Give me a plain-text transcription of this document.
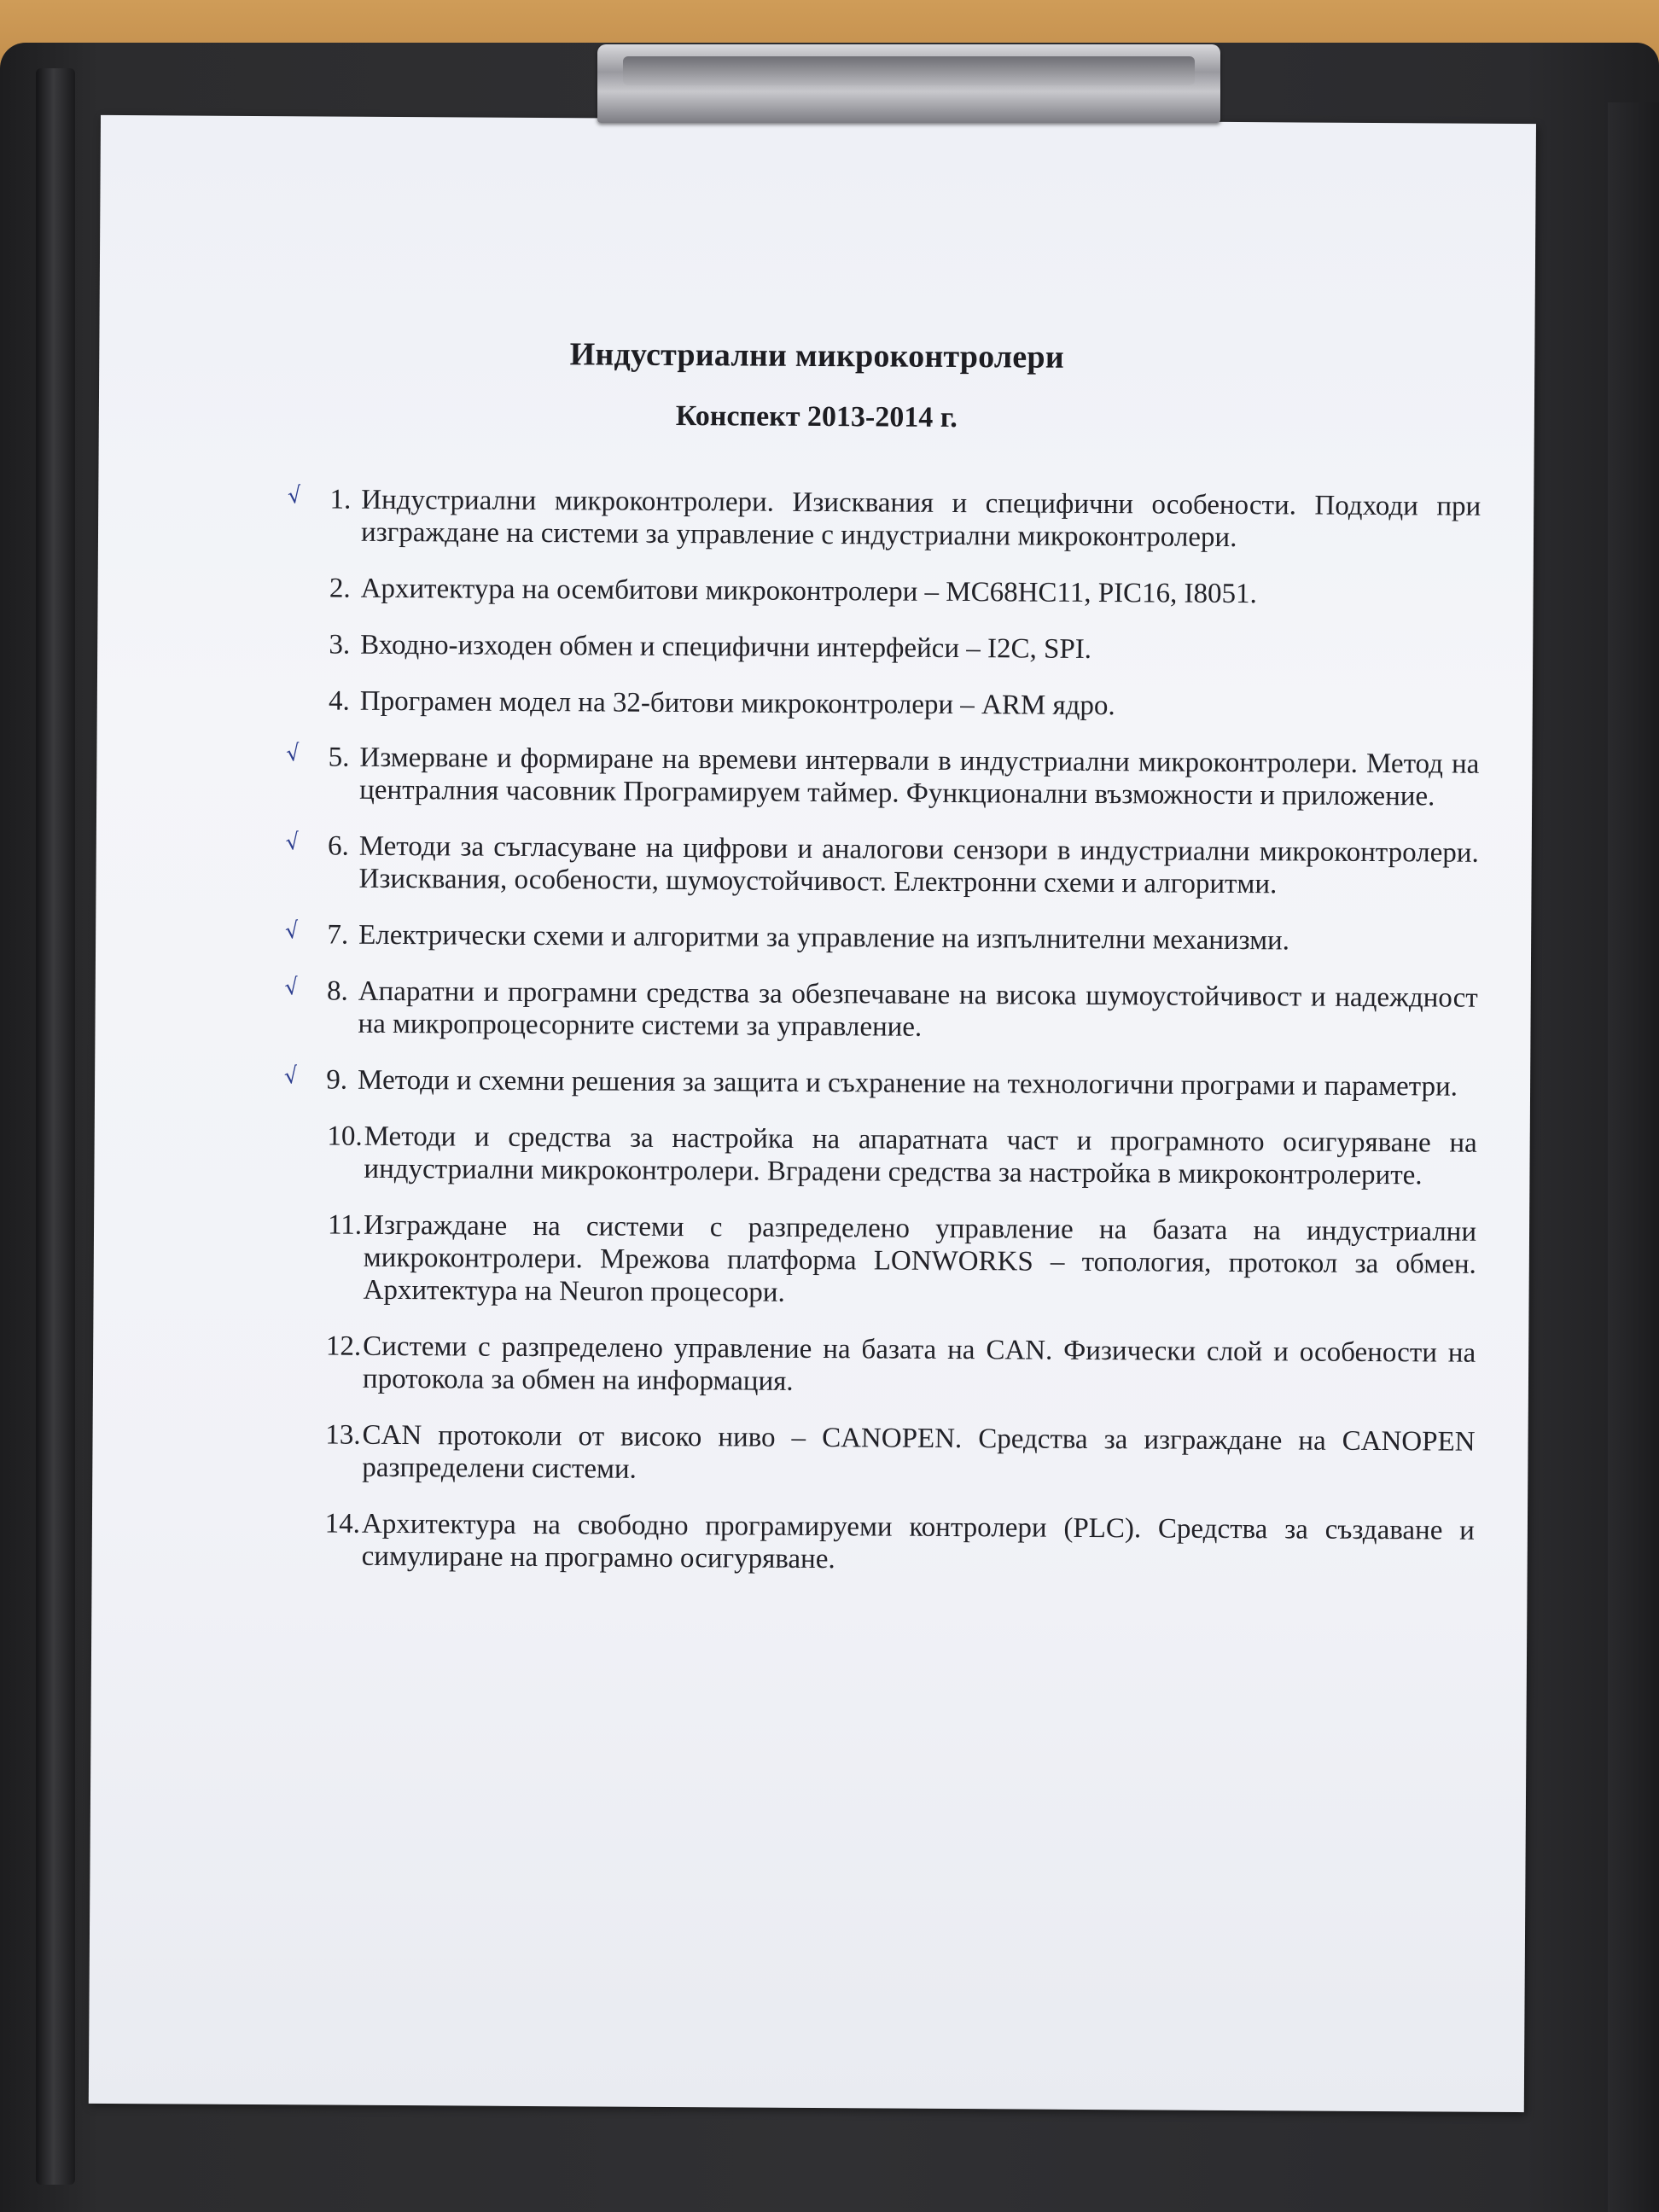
Индустриални микроконтролери
Конспект 2013-2014 г.
√ 1. Индустриални микроконтролери. Изисквания и специфични особености. Подходи при изграждане на системи за управление с индустриални микроконтролери.
2. Архитектура на осембитови микроконтролери – MC68HC11, PIC16, I8051.
3. Входно-изходен обмен и специфични интерфейси – I2C, SPI.
4. Програмен модел на 32-битови микроконтролери – ARM ядро.
√ 5. Измерване и формиране на времеви интервали в индустриални микроконтролери. Метод на централния часовник Програмируем таймер. Функционални възможности и приложение.
√ 6. Методи за съгласуване на цифрови и аналогови сензори в индустриални микроконтролери. Изисквания, особености, шумоустойчивост. Електронни схеми и алгоритми.
√ 7. Електрически схеми и алгоритми за управление на изпълнителни механизми.
√ 8. Апаратни и програмни средства за обезпечаване на висока шумоустойчивост и надеждност на микропроцесорните системи за управление.
√ 9. Методи и схемни решения за защита и съхранение на технологични програми и параметри.
10. Методи и средства за настройка на апаратната част и програмното осигуряване на индустриални микроконтролери. Вградени средства за настройка в микроконтролерите.
11. Изграждане на системи с разпределено управление на базата на индустриални микроконтролери. Мрежова платформа LONWORKS – топология, протокол за обмен. Архитектура на Neuron процесори.
12. Системи с разпределено управление на базата на CAN. Физически слой и особености на протокола за обмен на информация.
13. CAN протоколи от високо ниво – CANOPEN. Средства за изграждане на CANOPEN разпределени системи.
14. Архитектура на свободно програмируеми контролери (PLC). Средства за създаване и симулиране на програмно осигуряване.
